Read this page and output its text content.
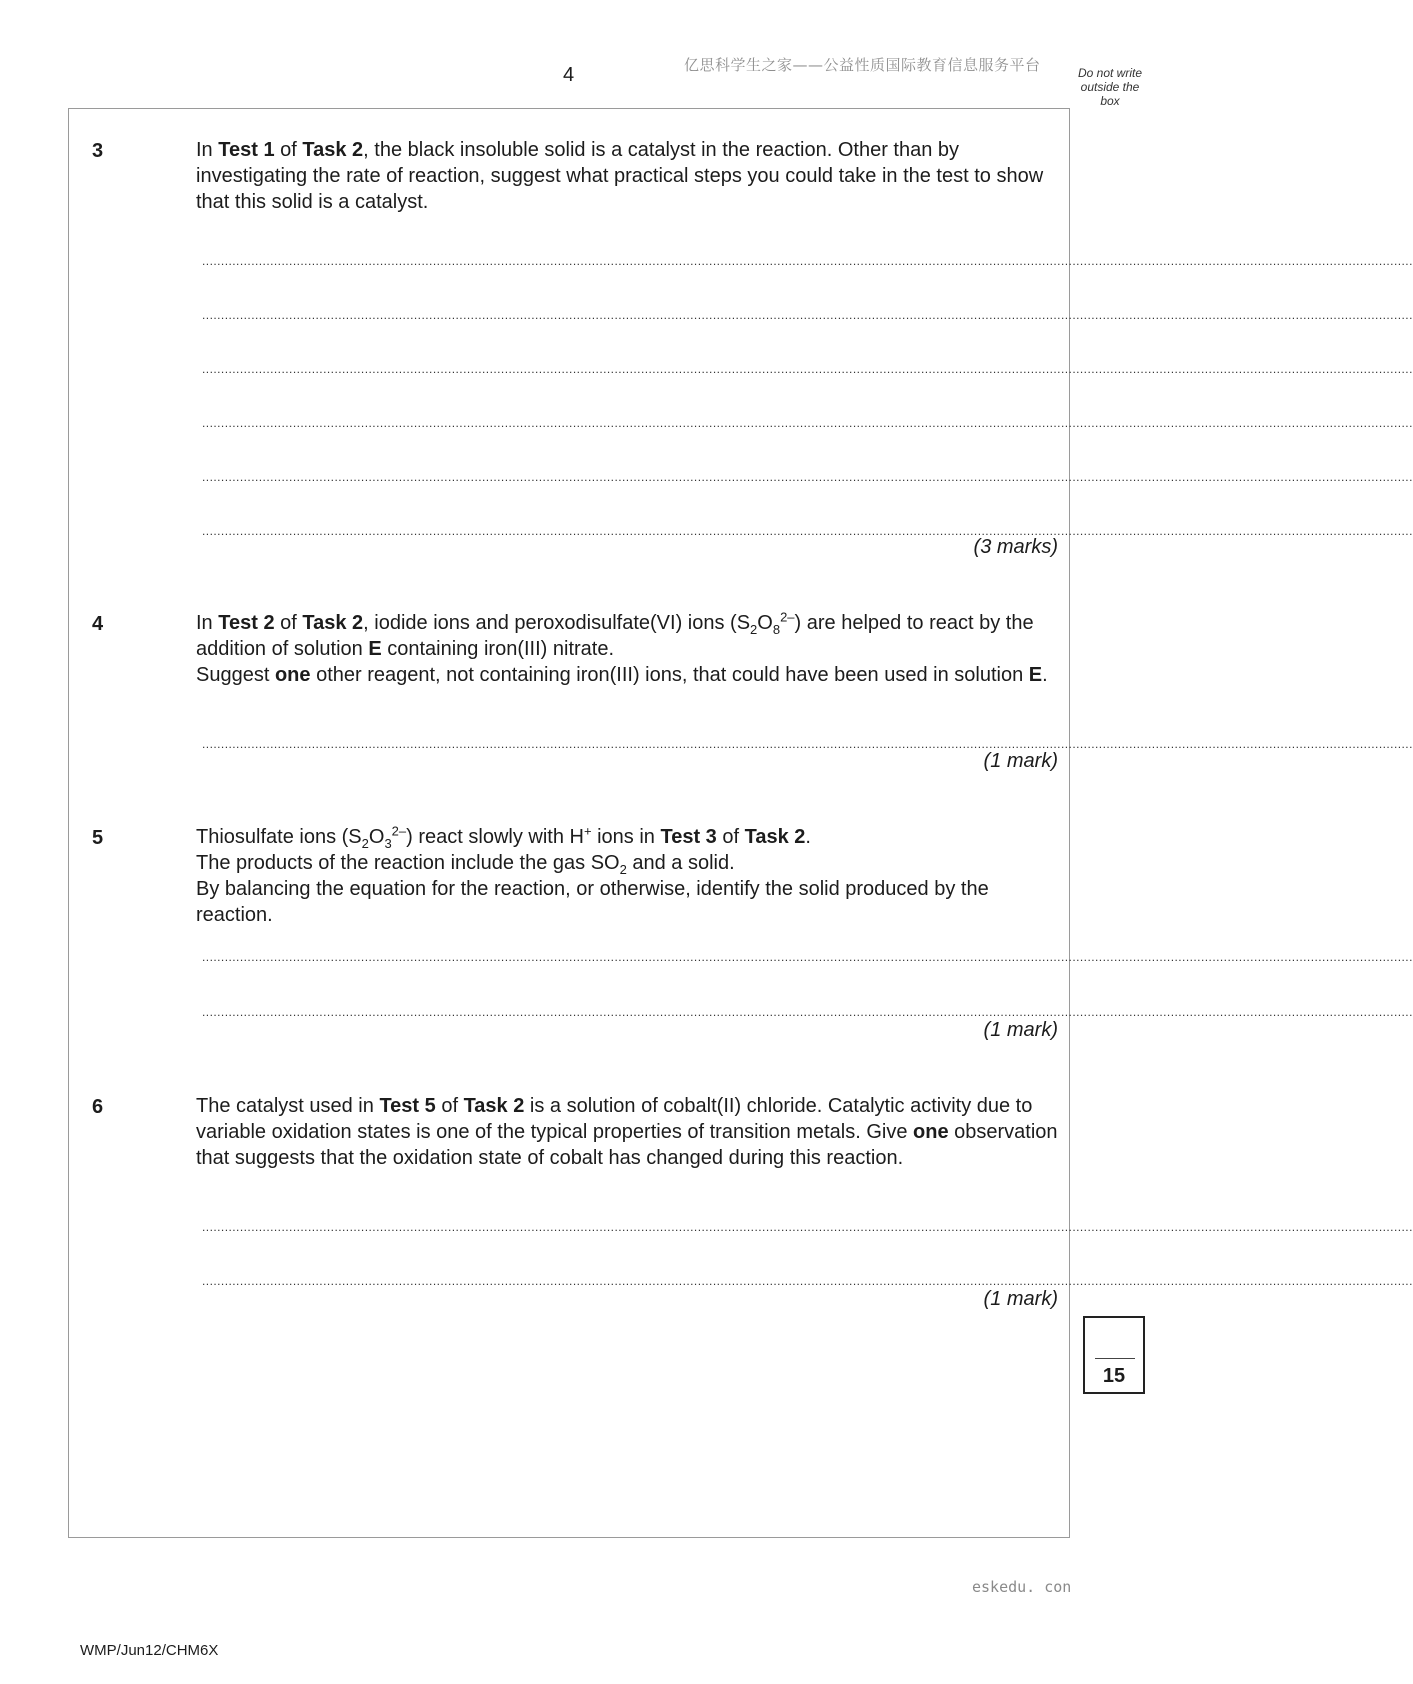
4	亿思科学生之家——公益性质国际教育信息服务平台	Do not write
outside the
box
3	In Test 1 of Task 2, the black insoluble solid is a catalyst in the reaction. Other than by investigating the rate of reaction, suggest what practical steps you could take in the test to show that this solid is a catalyst.

................................................................................................................................................................................................................................................................................................................................
................................................................................................................................................................................................................................................................................................................................
................................................................................................................................................................................................................................................................................................................................
................................................................................................................................................................................................................................................................................................................................
................................................................................................................................................................................................................................................................................................................................
................................................................................................................................................................................................................................................................................................................................
(3 marks)
4	In Test 2 of Task 2, iodide ions and peroxodisulfate(VI) ions $(S_2O_8^{2-})$ are helped to react by the addition of solution E containing iron(III) nitrate.

Suggest one other reagent, not containing iron(III) ions, that could have been used in solution E.

................................................................................................................................................................................................................................................................................................................................
(1 mark)
5	Thiosulfate ions $(S_2O_3^{2-})$ react slowly with H+ ions in Test 3 of Task 2.

The products of the reaction include the gas $SO_2$ and a solid.

By balancing the equation for the reaction, or otherwise, identify the solid produced by the reaction.

................................................................................................................................................................................................................................................................................................................................
................................................................................................................................................................................................................................................................................................................................
(1 mark)
6	The catalyst used in Test 5 of Task 2 is a solution of cobalt(II) chloride. Catalytic activity due to variable oxidation states is one of the typical properties of transition metals. Give one observation that suggests that the oxidation state of cobalt has changed during this reaction.

................................................................................................................................................................................................................................................................................................................................
................................................................................................................................................................................................................................................................................................................................
(1 mark)
15
eskedu. con
WMP/Jun12/CHM6X
